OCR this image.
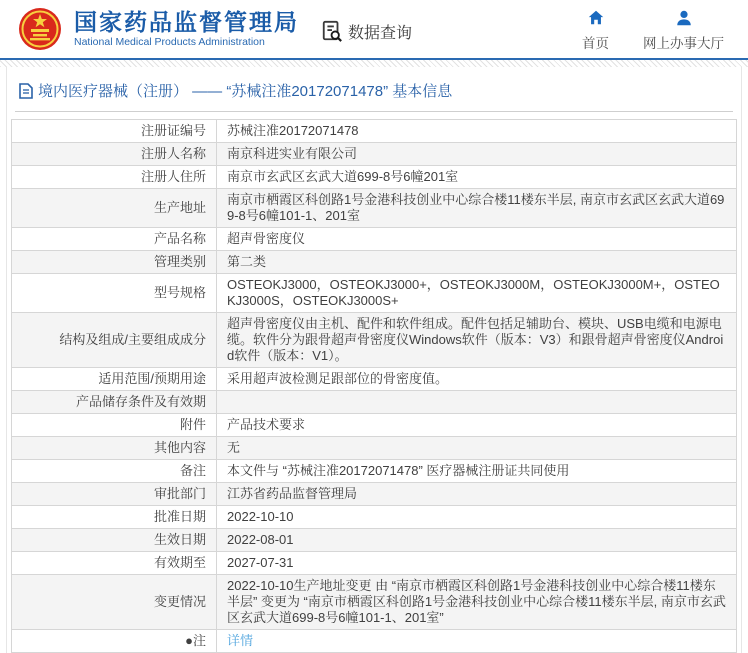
国家药品监督管理局
National Medical Products Administration
数据查询
首页	网上办事大厅
境内医疗器械（注册） —— “苏械注准20172071478” 基本信息
注册证编号	苏械注准20172071478
注册人名称	南京科进实业有限公司
注册人住所	南京市玄武区玄武大道699-8号6幢201室
生产地址	南京市栖霞区科创路1号金港科技创业中心综合楼11楼东半层, 南京市玄武区玄武大道699-8号6幢101-1、201室
产品名称	超声骨密度仪
管理类别	第二类
型号规格	OSTEOKJ3000，OSTEOKJ3000+，OSTEOKJ3000M，OSTEOKJ3000M+，OSTEOKJ3000S，OSTEOKJ3000S+
结构及组成/主要组成成分	超声骨密度仪由主机、配件和软件组成。配件包括足辅助台、模块、USB电缆和电源电缆。软件分为跟骨超声骨密度仪Windows软件（版本：V3）和跟骨超声骨密度仪Android软件（版本：V1）。
适用范围/预期用途	采用超声波检测足跟部位的骨密度值。
产品储存条件及有效期	
附件	产品技术要求
其他内容	无
备注	本文件与 “苏械注准20172071478” 医疗器械注册证共同使用
审批部门	江苏省药品监督管理局
批准日期	2022-10-10
生效日期	2022-08-01
有效期至	2027-07-31
变更情况	2022-10-10生产地址变更 由 “南京市栖霞区科创路1号金港科技创业中心综合楼11楼东半层” 变更为 “南京市栖霞区科创路1号金港科技创业中心综合楼11楼东半层, 南京市玄武区玄武大道699-8号6幢101-1、201室”
●注	详情
